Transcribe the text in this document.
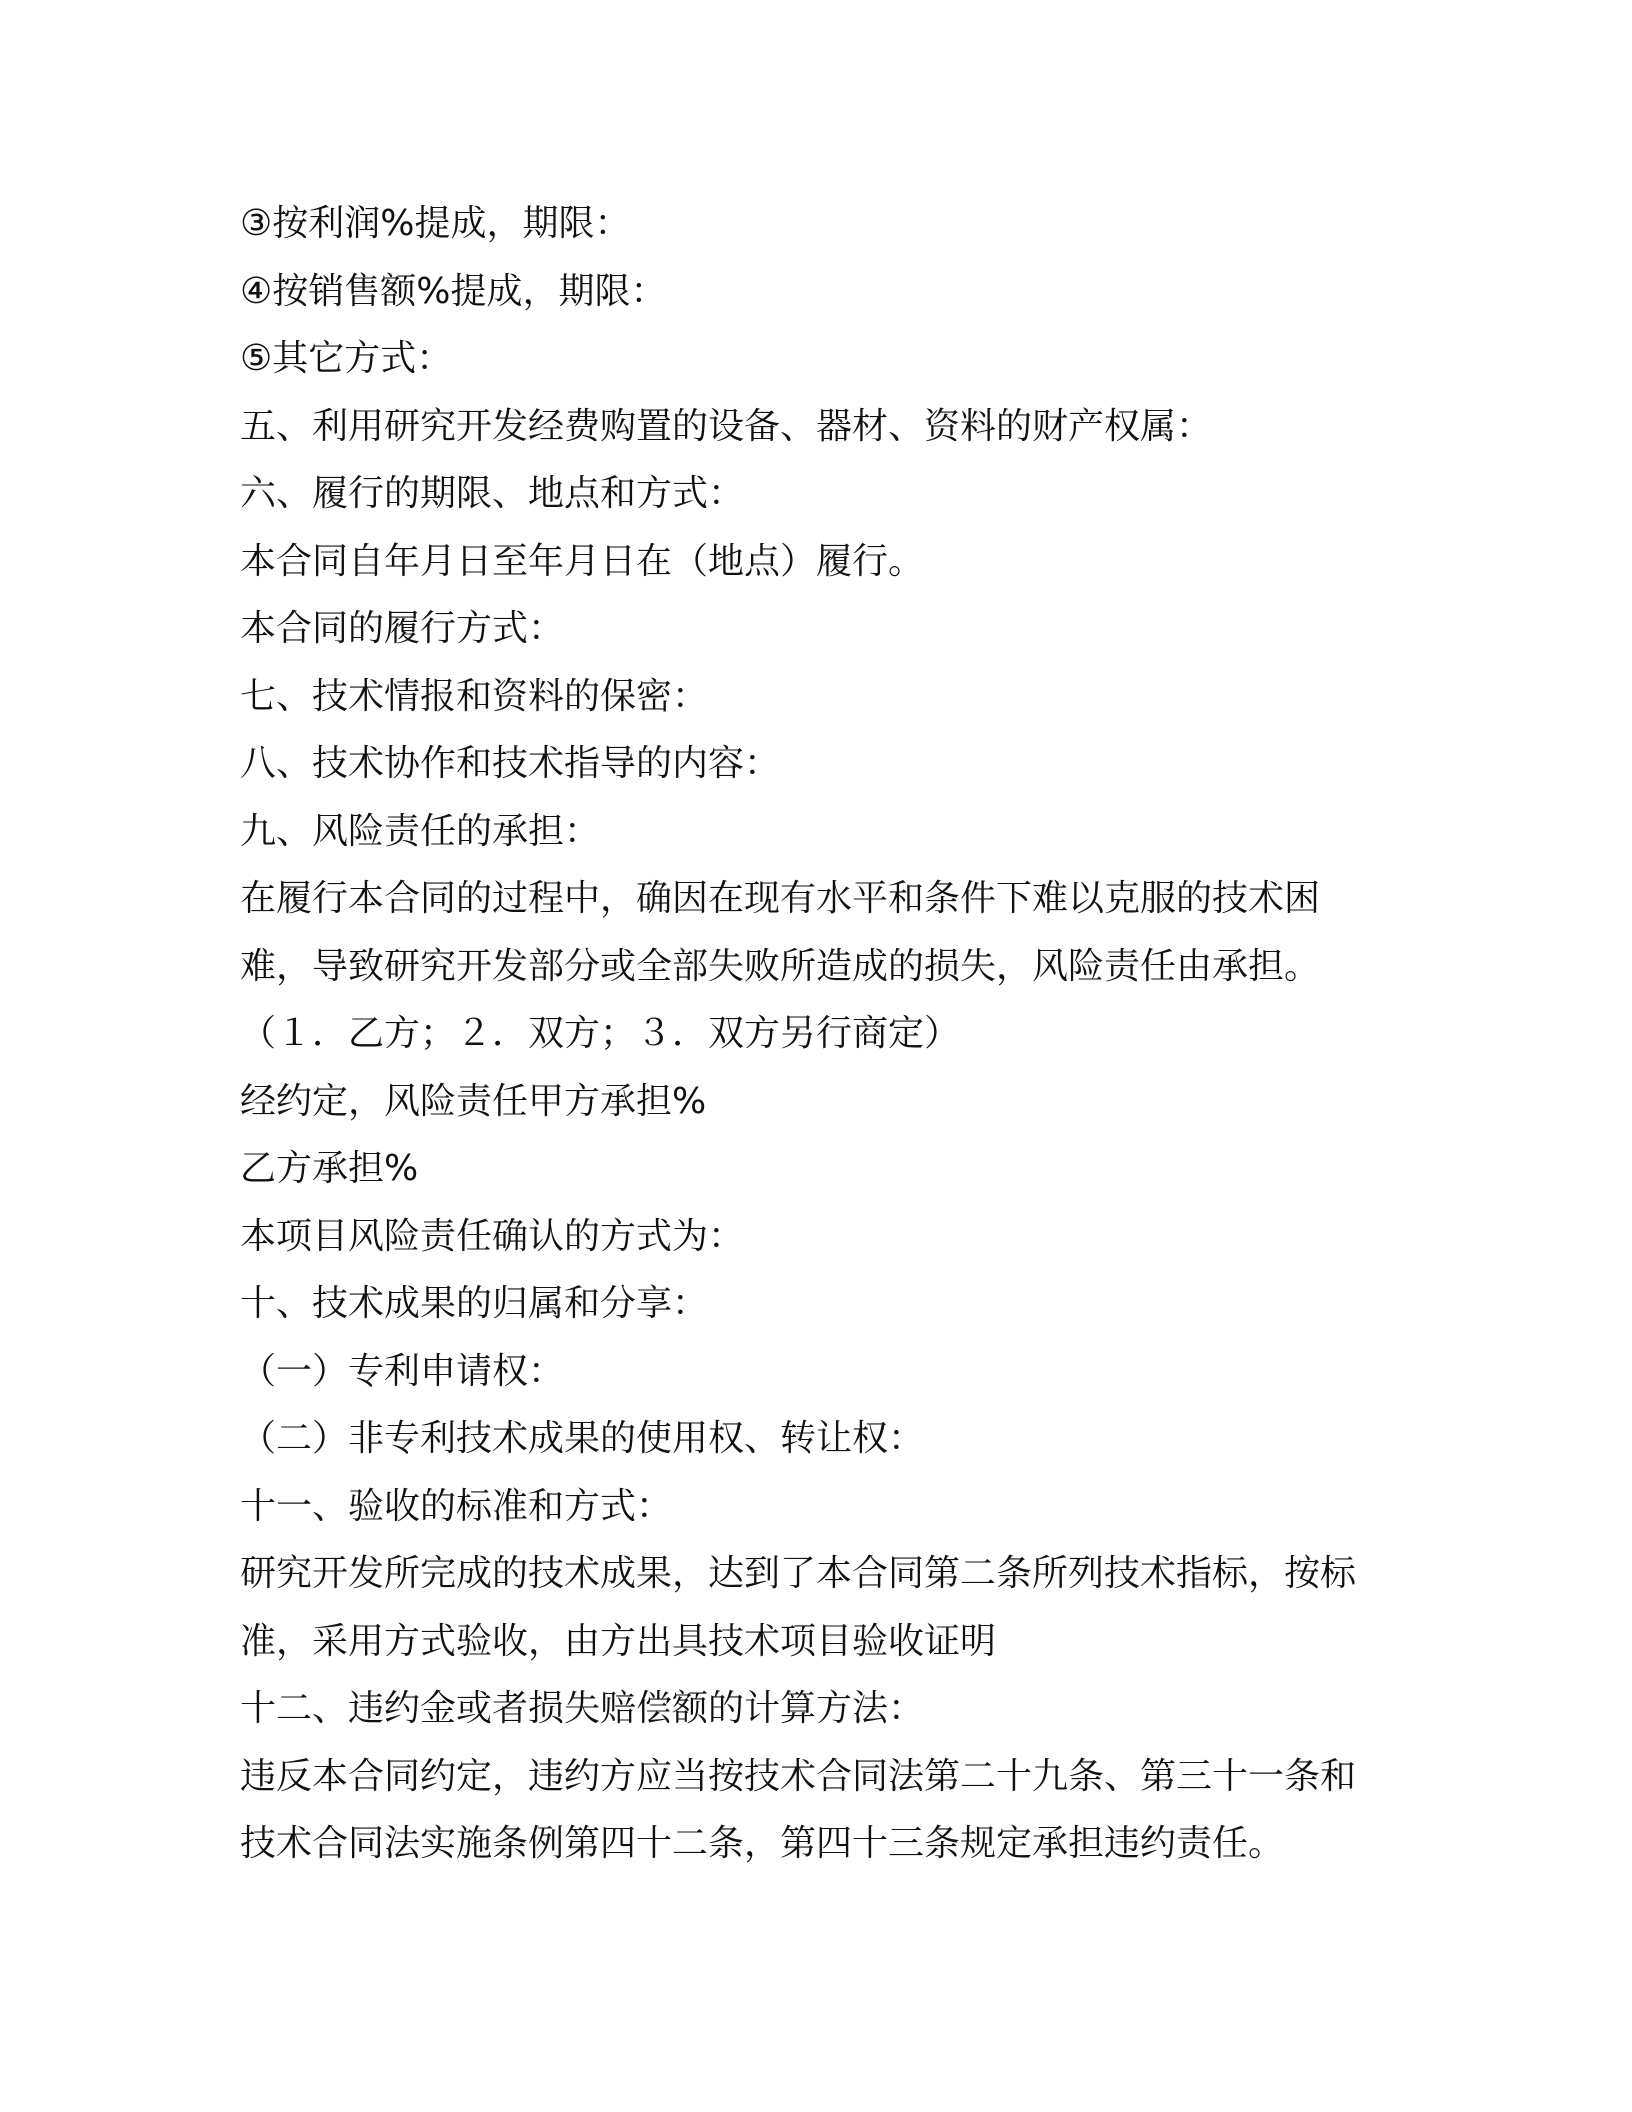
③按利润%提成，期限：
④按销售额%提成，期限：
⑤其它方式：
五、利用研究开发经费购置的设备、器材、资料的财产权属：
六、履行的期限、地点和方式：
本合同自年月日至年月日在（地点）履行。
本合同的履行方式：
七、技术情报和资料的保密：
八、技术协作和技术指导的内容：
九、风险责任的承担：
在履行本合同的过程中，确因在现有水平和条件下难以克服的技术困
难，导致研究开发部分或全部失败所造成的损失，风险责任由承担。
（１．乙方；２．双方；３．双方另行商定）
经约定，风险责任甲方承担%
乙方承担%
本项目风险责任确认的方式为：
十、技术成果的归属和分享：
（一）专利申请权：
（二）非专利技术成果的使用权、转让权：
十一、验收的标准和方式：
研究开发所完成的技术成果，达到了本合同第二条所列技术指标，按标
准，采用方式验收，由方出具技术项目验收证明
十二、违约金或者损失赔偿额的计算方法：
违反本合同约定，违约方应当按技术合同法第二十九条、第三十一条和
技术合同法实施条例第四十二条，第四十三条规定承担违约责任。
